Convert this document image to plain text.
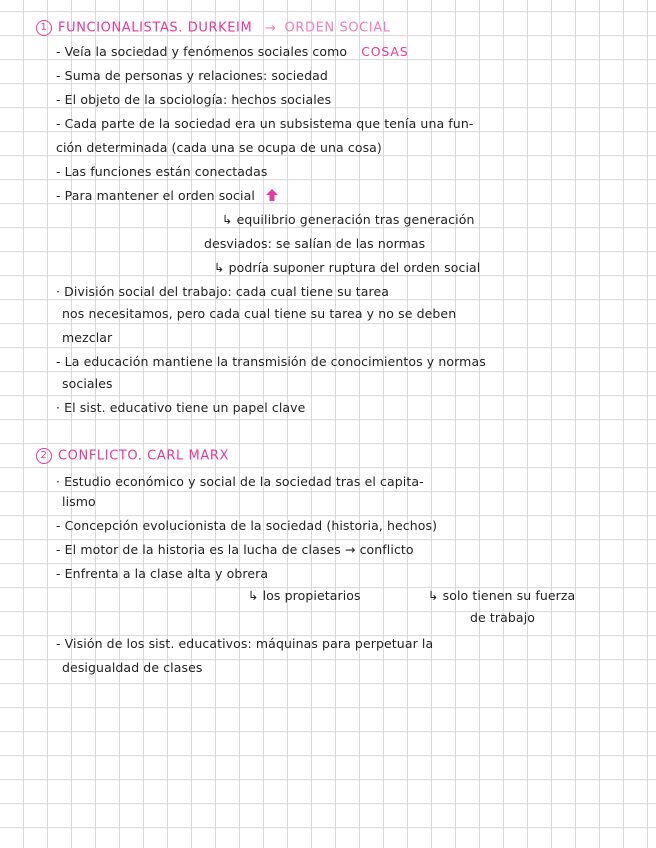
1 FUNCIONALISTAS. DURKEIM → ORDEN SOCIAL
- Veía la sociedad y fenómenos sociales como COSAS
- Suma de personas y relaciones: sociedad
- El objeto de la sociología: hechos sociales
- Cada parte de la sociedad era un subsistema que tenía una fun-
ción determinada (cada una se ocupa de una cosa)
- Las funciones están conectadas
- Para mantener el orden social
↳ equilibrio generación tras generación
desviados: se salían de las normas
↳ podría suponer ruptura del orden social
· División social del trabajo: cada cual tiene su tarea
nos necesitamos, pero cada cual tiene su tarea y no se deben
mezclar
- La educación mantiene la transmisión de conocimientos y normas
sociales
· El sist. educativo tiene un papel clave
2 CONFLICTO. CARL MARX
· Estudio económico y social de la sociedad tras el capita-
lismo
- Concepción evolucionista de la sociedad (historia, hechos)
- El motor de la historia es la lucha de clases → conflicto
- Enfrenta a la clase alta y obrera
↳ los propietarios	↳ solo tienen su fuerza
de trabajo
- Visión de los sist. educativos: máquinas para perpetuar la
desigualdad de clases
